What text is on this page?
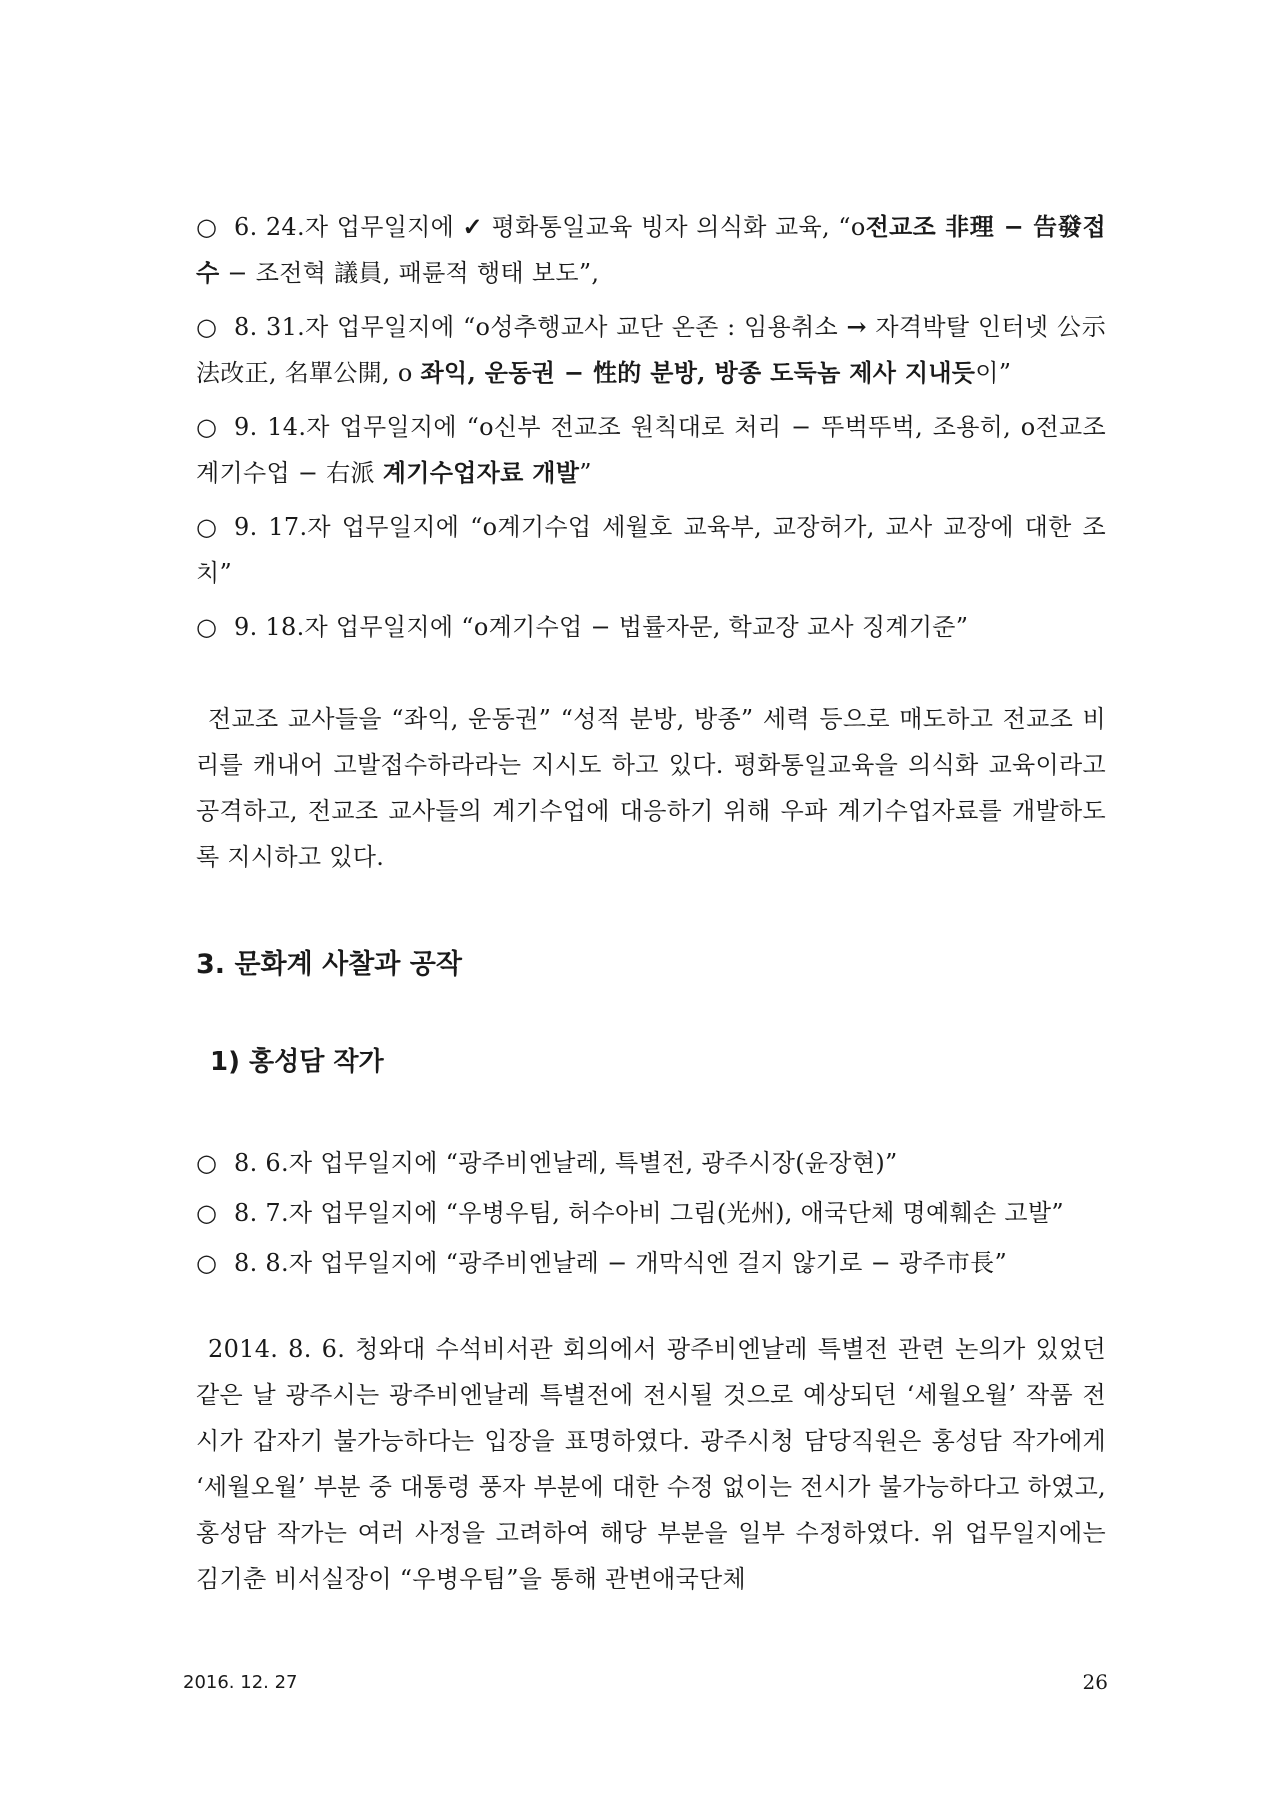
○ 6. 24.자 업무일지에 ✓ 평화통일교육 빙자 의식화 교육, “o전교조 非理 − 告發접수 − 조전혁 議員, 패륜적 행태 보도”,

○ 8. 31.자 업무일지에 “o성추행교사 교단 온존 : 임용취소 → 자격박탈 인터넷 公示 法改正, 名單公開, o 좌익, 운동권 − 性的 분방, 방종 도둑놈 제사 지내듯이”

○ 9. 14.자 업무일지에 “o신부 전교조 원칙대로 처리 − 뚜벅뚜벅, 조용히, o전교조 계기수업 − 右派 계기수업자료 개발”

○ 9. 17.자 업무일지에 “o계기수업 세월호 교육부, 교장허가, 교사 교장에 대한 조치”

○ 9. 18.자 업무일지에 “o계기수업 − 법률자문, 학교장 교사 징계기준”

전교조 교사들을 “좌익, 운동권” “성적 분방, 방종” 세력 등으로 매도하고 전교조 비리를 캐내어 고발접수하라라는 지시도 하고 있다. 평화통일교육을 의식화 교육이라고 공격하고, 전교조 교사들의 계기수업에 대응하기 위해 우파 계기수업자료를 개발하도록 지시하고 있다.

3. 문화계 사찰과 공작
1) 홍성담 작가

○ 8. 6.자 업무일지에 “광주비엔날레, 특별전, 광주시장(윤장현)”

○ 8. 7.자 업무일지에 “우병우팀, 허수아비 그림(光州), 애국단체 명예훼손 고발”

○ 8. 8.자 업무일지에 “광주비엔날레 − 개막식엔 걸지 않기로 − 광주市長”

2014. 8. 6. 청와대 수석비서관 회의에서 광주비엔날레 특별전 관련 논의가 있었던 같은 날 광주시는 광주비엔날레 특별전에 전시될 것으로 예상되던 ‘세월오월’ 작품 전시가 갑자기 불가능하다는 입장을 표명하였다. 광주시청 담당직원은 홍성담 작가에게 ‘세월오월’ 부분 중 대통령 풍자 부분에 대한 수정 없이는 전시가 불가능하다고 하였고, 홍성담 작가는 여러 사정을 고려하여 해당 부분을 일부 수정하였다. 위 업무일지에는 김기춘 비서실장이 “우병우팀”을 통해 관변애국단체

2016. 12. 27	26
